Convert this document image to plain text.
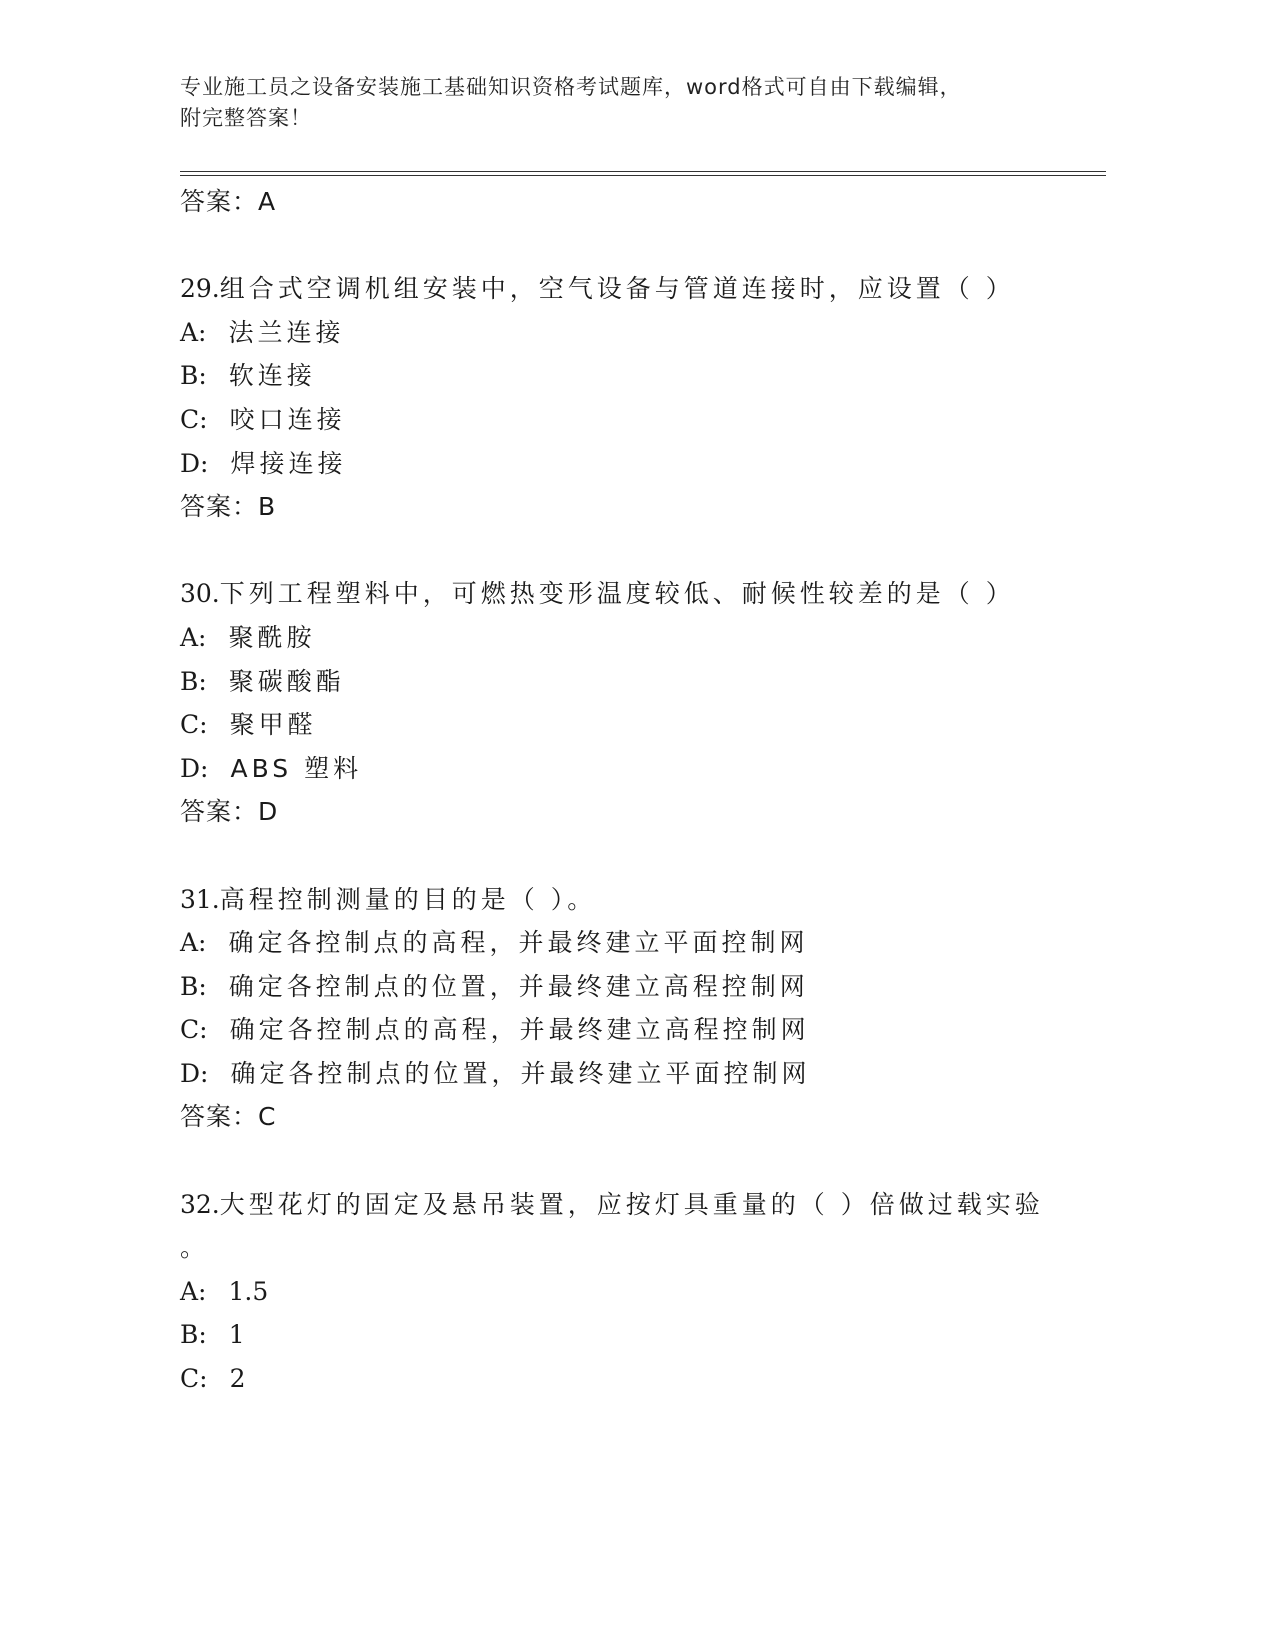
专业施工员之设备安装施工基础知识资格考试题库，word格式可自由下载编辑，
附完整答案！
答案：A
29.组合式空调机组安装中，空气设备与管道连接时，应设置（ ）
A: 法兰连接
B: 软连接
C: 咬口连接
D: 焊接连接
答案：B
30.下列工程塑料中，可燃热变形温度较低、耐候性较差的是（ ）
A: 聚酰胺
B: 聚碳酸酯
C: 聚甲醛
D: ABS 塑料
答案：D
31.高程控制测量的目的是（ ）。
A: 确定各控制点的高程，并最终建立平面控制网
B: 确定各控制点的位置，并最终建立高程控制网
C: 确定各控制点的高程，并最终建立高程控制网
D: 确定各控制点的位置，并最终建立平面控制网
答案：C
32.大型花灯的固定及悬吊装置，应按灯具重量的（ ）倍做过载实验
。
A: 1.5
B: 1
C: 2
